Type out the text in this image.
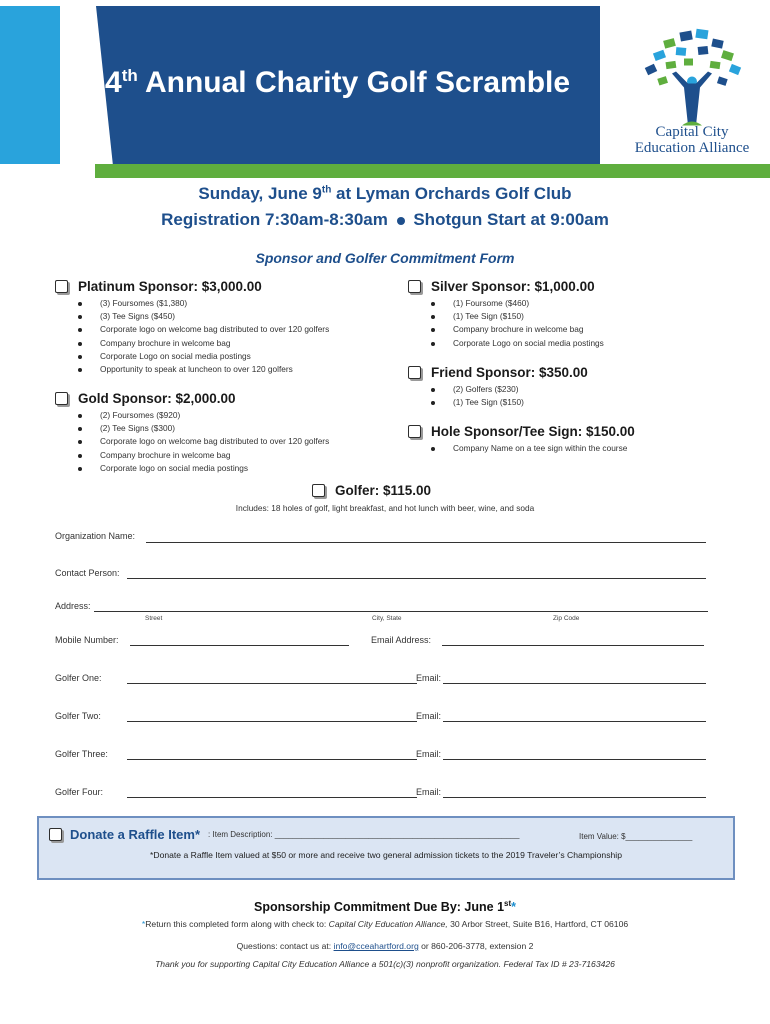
4th Annual Charity Golf Scramble
Capital City
Education Alliance
Sunday, June 9th at Lyman Orchards Golf Club
Registration 7:30am-8:30am Shotgun Start at 9:00am
Sponsor and Golfer Commitment Form
Platinum Sponsor: $3,000.00
(3) Foursomes ($1,380)
(3) Tee Signs ($450)
Corporate logo on welcome bag distributed to over 120 golfers
Company brochure in welcome bag
Corporate Logo on social media postings
Opportunity to speak at luncheon to over 120 golfers
Gold Sponsor: $2,000.00
(2) Foursomes ($920)
(2) Tee Signs ($300)
Corporate logo on welcome bag distributed to over 120 golfers
Company brochure in welcome bag
Corporate logo on social media postings
Silver Sponsor: $1,000.00
(1) Foursome ($460)
(1) Tee Sign ($150)
Company brochure in welcome bag
Corporate Logo on social media postings
Friend Sponsor: $350.00
(2) Golfers ($230)
(1) Tee Sign ($150)
Hole Sponsor/Tee Sign: $150.00
Company Name on a tee sign within the course
Golfer: $115.00
Includes: 18 holes of golf, light breakfast, and hot lunch with beer, wine, and soda
Organization Name:
Contact Person:
Address:
Street	City, State	Zip Code
Mobile Number:	Email Address:
Golfer One:	Email:
Golfer Two:	Email:
Golfer Three:	Email:
Golfer Four:	Email:
Donate a Raffle Item* : Item Description: _______________________________________________________	Item Value: $_______________
*Donate a Raffle Item valued at $50 or more and receive two general admission tickets to the 2019 Traveler’s Championship
Sponsorship Commitment Due By: June 1st*
*Return this completed form along with check to: Capital City Education Alliance, 30 Arbor Street, Suite B16, Hartford, CT 06106
Questions: contact us at: info@cceahartford.org or 860-206-3778, extension 2
Thank you for supporting Capital City Education Alliance a 501(c)(3) nonprofit organization. Federal Tax ID # 23-7163426
